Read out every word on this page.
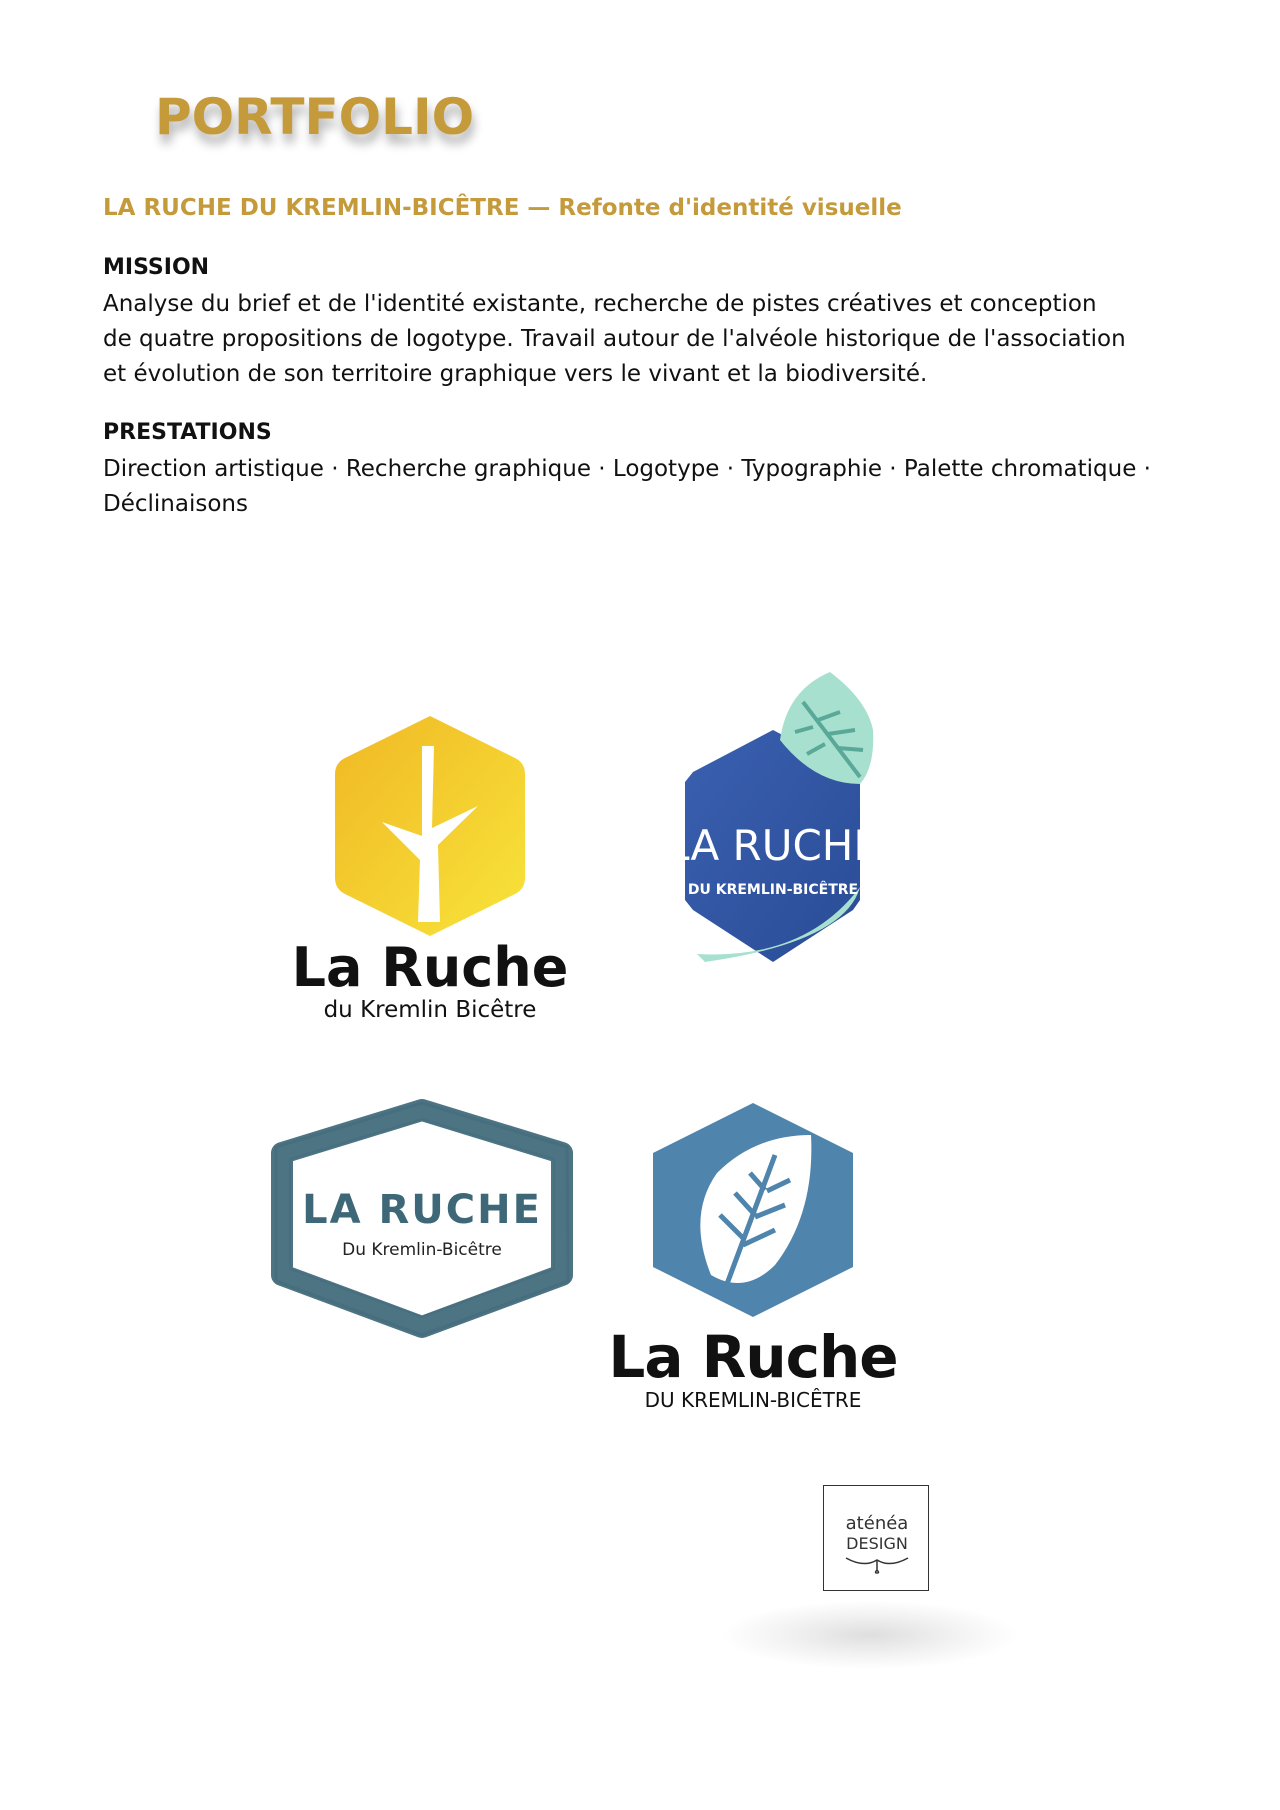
PORTFOLIO
LA RUCHE DU KREMLIN-BICÊTRE — Refonte d'identité visuelle
MISSION
Analyse du brief et de l'identité existante, recherche de pistes créatives et conception
de quatre propositions de logotype. Travail autour de l'alvéole historique de l'association
et évolution de son territoire graphique vers le vivant et la biodiversité.
PRESTATIONS
Direction artistique · Recherche graphique · Logotype · Typographie · Palette chromatique ·
Déclinaisons
La Ruche
du Kremlin Bicêtre
LA RUCHE
DU KREMLIN-BICÊTRE
LA RUCHE
Du Kremlin-Bicêtre
La Ruche
DU KREMLIN-BICÊTRE
aténéa
DESIGN
